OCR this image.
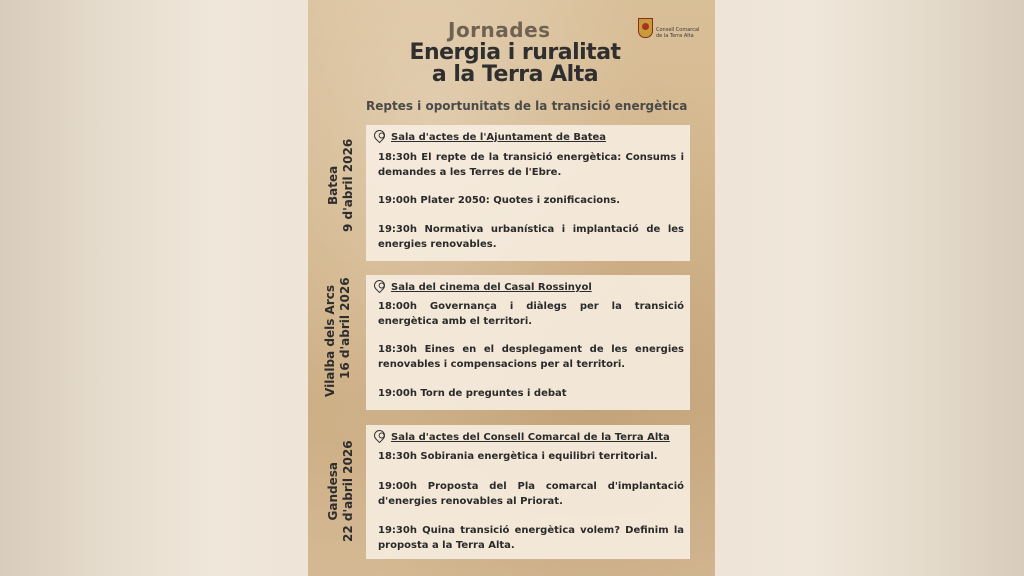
Jornades
Energia i ruralitat
a la Terra Alta
Consell Comarcal
de la Terra Alta
Reptes i oportunitats de la transició energètica
Batea 9 d'abril 2026
Sala d'actes de l'Ajuntament de Batea
18:30h El repte de la transició energètica: Consums i demandes a les Terres de l'Ebre.
19:00h Plater 2050: Quotes i zonificacions.
19:30h Normativa urbanística i implantació de les energies renovables.
Vilalba dels Arcs 16 d'abril 2026	Sala del cinema del Casal Rossinyol
18:00h Governança i diàlegs per la transició energètica amb el territori.
18:30h Eines en el desplegament de les energies renovables i compensacions per al territori.
19:00h Torn de preguntes i debat
Gandesa 22 d'abril 2026
Sala d'actes del Consell Comarcal de la Terra Alta
18:30h Sobirania energètica i equilibri territorial.
19:00h Proposta del Pla comarcal d'implantació d'energies renovables al Priorat.
19:30h Quina transició energètica volem? Definim la proposta a la Terra Alta.
